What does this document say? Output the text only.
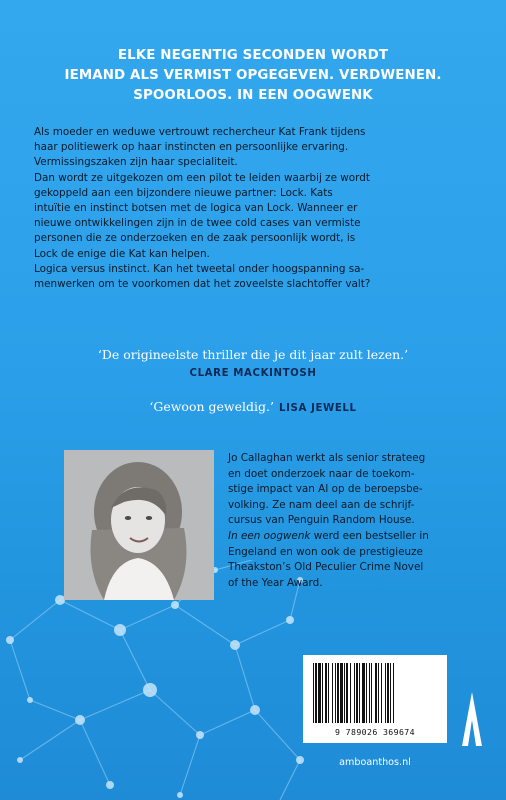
ELKE NEGENTIG SECONDEN WORDT
IEMAND ALS VERMIST OPGEGEVEN. VERDWENEN.
SPOORLOOS. IN EEN OOGWENK
Als moeder en weduwe vertrouwt rechercheur Kat Frank tijdens
haar politiewerk op haar instincten en persoonlijke ervaring.
Vermissingszaken zijn haar specialiteit.
Dan wordt ze uitgekozen om een pilot te leiden waarbij ze wordt
gekoppeld aan een bijzondere nieuwe partner: Lock. Kats
intuïtie en instinct botsen met de logica van Lock. Wanneer er
nieuwe ontwikkelingen zijn in de twee cold cases van vermiste
personen die ze onderzoeken en de zaak persoonlijk wordt, is
Lock de enige die Kat kan helpen.
Logica versus instinct. Kan het tweetal onder hoogspanning sa-
menwerken om te voorkomen dat het zoveelste slachtoffer valt?
‘De origineelste thriller die je dit jaar zult lezen.’
CLARE MACKINTOSH
‘Gewoon geweldig.’ LISA JEWELL
Jo Callaghan werkt als senior strateeg
en doet onderzoek naar de toekom-
stige impact van AI op de beroepsbe-
volking. Ze nam deel aan de schrijf-
cursus van Penguin Random House.
In een oogwenk werd een bestseller in
Engeland en won ook de prestigieuze
Theakston’s Old Peculier Crime Novel
of the Year Award.
9 789026 369674
amboanthos.nl
